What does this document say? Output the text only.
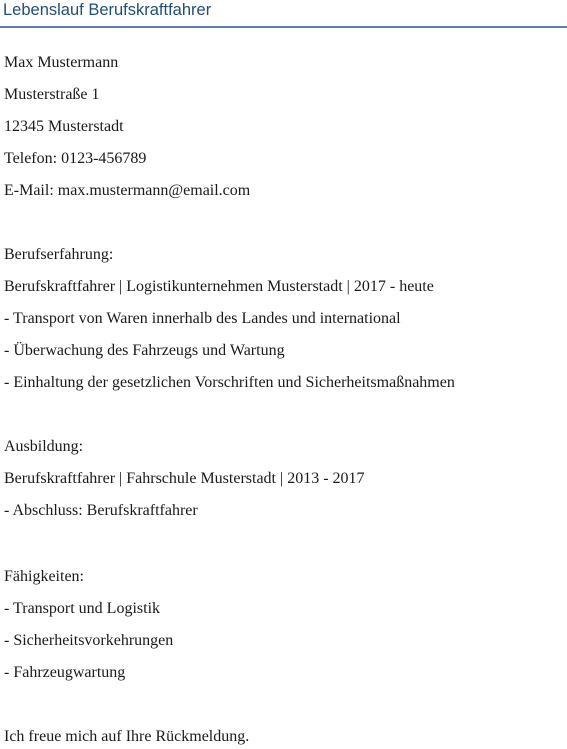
Lebenslauf Berufskraftfahrer
Max Mustermann
Musterstraße 1
12345 Musterstadt
Telefon: 0123-456789
E-Mail: max.mustermann@email.com
Berufserfahrung:
Berufskraftfahrer | Logistikunternehmen Musterstadt | 2017 - heute
- Transport von Waren innerhalb des Landes und international
- Überwachung des Fahrzeugs und Wartung
- Einhaltung der gesetzlichen Vorschriften und Sicherheitsmaßnahmen
Ausbildung:
Berufskraftfahrer | Fahrschule Musterstadt | 2013 - 2017
- Abschluss: Berufskraftfahrer
Fähigkeiten:
- Transport und Logistik
- Sicherheitsvorkehrungen
- Fahrzeugwartung
Ich freue mich auf Ihre Rückmeldung.
